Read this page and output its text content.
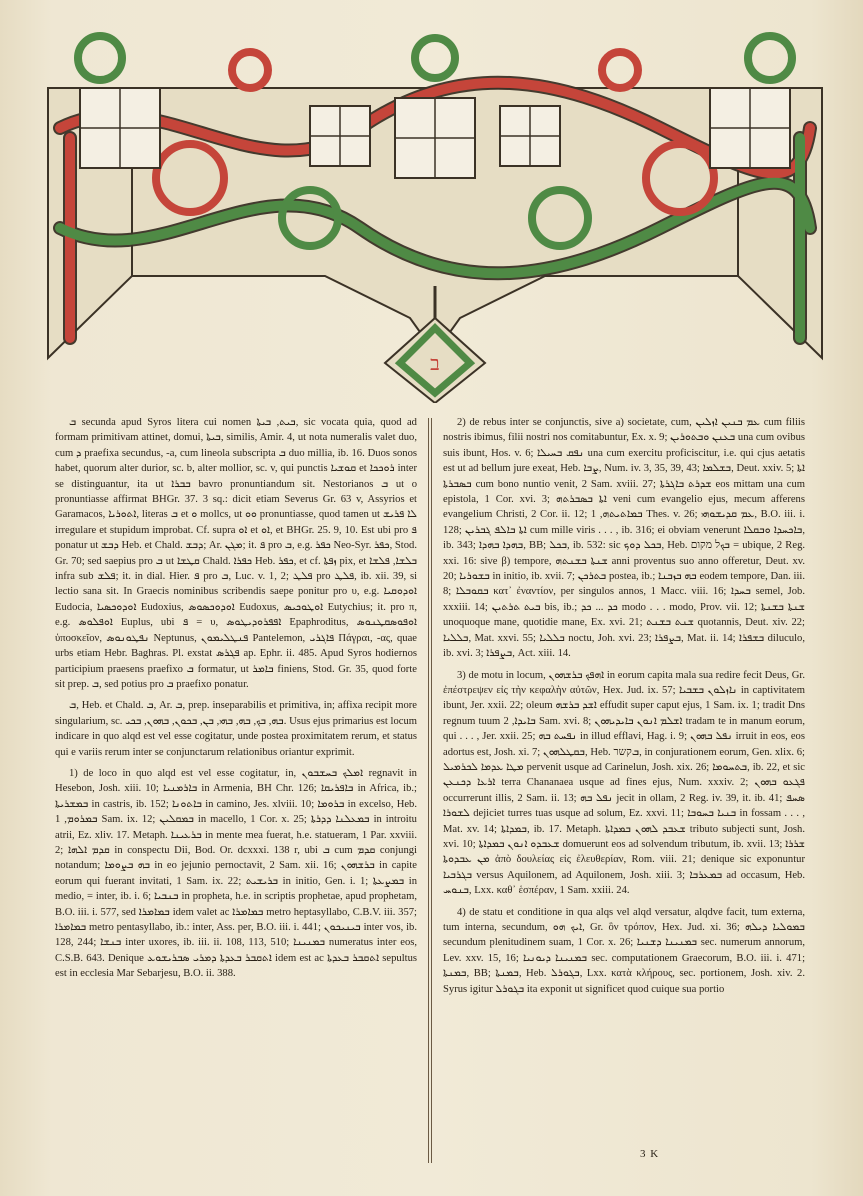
ב

ܒ secunda apud Syros litera cui nomen ܒܝܬ, ܒܝܬܐ, sic vocata quia, quod ad formam primitivam attinet, domui, ܒܝܬܐ, similis, Amir. 4, ut nota numeralis valet duo, cum ܕ praefixa secundus, -a, cum lineola subscripta ܒ duo millia, ib. 16. Duos sonos habet, quorum alter durior, sc. b, alter mollior, sc. v, qui punctis ܩܘܫܝܐ et ܪܘܟܟܐ inter se distinguantur, ita ut ܒܒܪܐ bavro pronuntiandum sit. Nestorianos ܒ ut o pronuntiasse affirmat BHGr. 37. 3 sq.: dicit etiam Severus Gr. 63 v, Assyrios et Garamacos, ܐܬܘܪܝܐ, literas ܒ et ܘ mollcs, ut ܘܘ pronuntiasse, quod tamen ut ܠܐ ܦܪܝܫ irregulare et stupidum improbat. Cf. supra ܐܘ et ܐܘ, et BHGr. 25. 9, 10. Est ubi pro ܦ ponatur ut ܕܒܫ Heb. et Chald. ܕܒܫ; Ar. ܡܓܢ; it. ܦ pro ܒ, e.g. ܟܦܪ Neo-Syr. ܟܦܪ, Stod. Gr. 70; sed saepius pro ܒ ut ܩܛܫܐ Chald. ܟܦܪܐ Heb. ܟܦܪ, et cf. ܙܦܬܐ pix, et ܒܠܫܐ, ܦܠܫܐ infra sub ܦܠܫ; it. in dial. Hier. ܦ pro ܒ, Luc. v. 1, 2; ܦܠܛ pro ܦܠܛ, ib. xii. 39, si lectio sana sit. In Graecis nominibus scribendis saepe ponitur pro υ, e.g. ܐܘܕܘܩܝܐ Eudocia, ܐܘܕܘܟܣܝܐ Eudoxius, ܐܘܕܘܟܣܘܣ Eudoxus, ܐܘܛܘܟܝܣ Eutychius; it. pro π, e.g. ܐܘܦܠܘܣ Euplus, ubi ܦ = υ, ܐܦܦܪܘܕܝܛܘܣ Epaphroditus, ܐܘܦܘܣܩܛܢܘܣ ὑποσκεῖον, ܢܦܛܘܢܘܣ Neptunus, ܦܢܛܠܝܡܘܢ Pantelemon, ܦܐܓܪܝ Πάγραι, -ας, quae urbs etiam Hebr. Baghras. Pl. exstat ܦܓܪܣ ap. Ephr. ii. 485. Apud Syros hodiernos participium praesens praefixo ܒ formatur, ut ܒܐܡܪ finiens, Stod. Gr. 35, quod forte sit prep. ܒ, sed potius pro ܒ praefixo ponatur.

ܒ, Heb. et Chald. ܒ, Ar. ܒ, prep. inseparabilis et primitiva, in; affixa recipit more singularium, sc. ܒܗ, ܒܟ, ܒܗ, ܒܗܝ, ܒܢ, ܒܟܘܢ, ܒܗܘܢ, ܒܟܝ. Usus ejus primarius est locum indicare in quo alqd est vel esse cogitatur, unde postea proximitatem rerum, et status qui e variis rerum inter se conjunctarum relationibus oriantur exprimit.

1) de loco in quo alqd est vel esse cogitatur, in, ܐܡܠܟ ܒܚܫܒܘܢ regnavit in Hesebon, Josh. xiii. 10; ܒܐܪܡܢܝܐ in Armenia, BH Chr. 126; ܒܐܦܪܝܩܐ in Africa, ib.; ܒܡܫܪܝܬܐ in castris, ib. 152; ܒܐܬܘܢܐ in camino, Jes. xlviii. 10; ܒܪܘܡܐ in excelso, Heb. ܒܡܪܘܡ, 1 Sam. ix. 12; ܒܡܩܠܝܢ in macello, 1 Cor. x. 25; ܒܡܥܠܢܐ ܕܕܪܬܐ in introitu atrii, Ez. xliv. 17. Metaph. ܒܪܥܝܢܐ in mente mea fuerat, h.e. statueram, 1 Par. xxviii. 2; ܩܕܡ ܐܠܗܐ in conspectu Dii, Bod. Or. dcxxxi. 138 r, ubi ܒ cum ܩܕܡ conjungi notandum; ܒܗ ܒܨܘܡܐ in eo jejunio pernoctavit, 2 Sam. xii. 16; ܒܪܫܗܘܢ in capite eorum qui fuerant invitati, 1 Sam. ix. 22; ܒܪܝܫܝܬ in initio, Gen. i. 1; ܒܡܨܥܬܐ in medio, = inter, ib. i. 6; ܒܢܒܝܐ in propheta, h.e. in scriptis prophetae, apud prophetam, B.O. iii. i. 577, sed ܒܡܐܡܪܐ idem valet ac ܒܡܐܡܪܐ metro heptasyllabo, C.B.V. iii. 357; ܒܡܐܡܪܐ metro pentasyllabo, ib.: inter, Ass. per, B.O. iii. i. 441; ܒܝܢܝܟܘܢ inter vos, ib. 128, 244; ܒܢܫܐ inter uxores, ib. iii. ii. 108, 113, 510; ܒܡܢܝܢܐ numeratus inter eos, C.S.B. 643. Denique ܐܬܩܒܪ ܒܥܕܬܐ ܕܡܪܝ ܣܒܪܝܫܘܥ idem est ac ܐܬܩܒܪ ܒܥܕܬܐ sepultus est in ecclesia Mar Sebarjesu, B.O. ii. 388.

2) de rebus inter se conjunctis, sive a) societate, cum, ܥܡ ܒܢܝܢ ܐܙܠܝܢ cum filiis nostris ibimus, filii nostri nos comitabuntur, Ex. x. 9; ܒܥܢܢ ܘܒܬܘܪܝܢ una cum ovibus suis ibunt, Hos. v. 6; ܢܦܩ ܒܚܝܠܐ una cum exercitu proficiscitur, i.e. qui cjus aetatis est ut ad bellum jure exeat, Heb. ܨܒܐ, Num. iv. 3, 35, 39, 43; ܒܫܠܡܐ, Deut. xxiv. 5; ܐܬܐ ܒܣܒܪܬܐ cum bono nuntio venit, 2 Sam. xviii. 27; ܫܕܪܬ ܒܐܓܪܬܐ eos mittam una cum epistola, 1 Cor. xvi. 3; ܐܬܐ ܒܣܒܪܬܗ veni cum evangelio ejus, mecum afferens evangelium Christi, 2 Cor. ii. 12; ܒܡܐܬܝܬܗ, 1 Thes. v. 26; ܥܡ ܩܕܝܫܘܗܝ, B.O. iii. i. 128; ܐܬܐ ܒܐܠܦ ܓܒܪܝܢ cum mille viris . . . , ib. 316; ei obviam venerunt ܒܐܟܚܕܐ ܘܒܩܠܐ, ib. 343; ܒܗܕܐ ܒܗܕܐ, BB; ܒܟܠ, ib. 532: sic ܒܟܠ ܕܘܟ, Heb. ܒܟל מקום = ubique, 2 Reg. xxi. 16: sive β) tempore, ܫܢܬܐ ܒܫܢܬܗ anni proventus suo anno offeretur, Deut. xv. 20; ܒܫܘܪܝܐ in initio, ib. xvii. 7; ܒܬܪܟܢ postea, ib.; ܒܗ ܒܙܒܢܐ eodem tempore, Dan. iii. 8; ܒܩܘܒܠܐ κατ᾽ ἐναντίον, per singulos annos, 1 Macc. viii. 16; ܒܚܕܐ semel, Job. xxxiii. 14; ܒܝܬ ܬܪܬܝܢ bis, ib.; ܟܕ ... ܟܕ modo . . . modo, Prov. vii. 12; ܫܢܬܐ ܒܫܢܬܐ unoquoque mane, quotidie mane, Ex. xvi. 21; ܫܢܬ ܒܫܢܬ quotannis, Deut. xiv. 22; ܒܠܠܝܐ, Mat. xxvi. 55; ܒܠܠܝܐ noctu, Joh. xvi. 23; ܒܨܦܪܐ, Mat. ii. 14; ܒܫܦܪܐ diluculo, ib. xvi. 3; ܒܨܦܪܐ, Act. xiii. 14.

3) de motu in locum, ܐܗܦܟ ܒܪܫܗܘܢ in eorum capita mala sua redire fecit Deus, Gr. ἐπέστρεψεν εἰς τὴν κεφαλὴν αὐτῶν, Hex. Jud. ix. 57; ܢܐܙܠܘܢ ܒܫܒܝܐ in captivitatem ibunt, Jer. xxii. 22; oleum ܐܫܕ ܒܪܫܗ effudit super caput ejus, 1 Sam. ix. 1; tradit Dns regnum tuum ܒܐܝܕܐ, 2 Sam. xvi. 8; ܐܫܠܡ ܐܢܘܢ ܒܐܝܕܝܗܘܢ tradam te in manum eorum, qui . . . , Jer. xxii. 25; ܢܦܚܬ ܒܗ in illud efflavi, Hag. i. 9; ܢܦܠ ܒܗܘܢ irruit in eos, eos adortus est, Josh. xi. 7; ܒܩܛܠܗܘܢ, Heb. ܒקשר, in conjurationem eorum, Gen. xlix. 6; ܡܛܐ ܥܕܡܐ ܠܟܪܡܝܠ pervenit usque ad Carinelun, Josh. xix. 26; ܒܬܚܘܡܐ, ib. 22, et sic ܐܪܥܐ ܕܟܢܥܢ terra Chananaea usque ad fines ejus, Num. xxxiv. 2; ܦܓܥܘ ܒܗܘܢ occurrerunt illis, 2 Sam. ii. 13; ܢܦܠ ܒܗ jecit in ollam, 2 Reg. iv. 39, it. ib. 41; ܣܚܦ ܠܫܘܪܐ dejiciet turres tuas usque ad solum, Ez. xxvi. 11; ܒܢܝܐ ܒܚܘܒܐ in fossam . . . , Mat. xv. 14; ܒܡܕܐܬܐ, ib. 17. Metaph. ܫܥܒܕ ܠܗܘܢ ܒܡܕܐܬܐ tributo subjecti sunt, Josh. xvi. 10; ܫܥܒܕܘ ܐܢܘܢ ܒܡܕܐܬܐ domuerunt eos ad solvendum tributum, ib. xvii. 13; ܫܪܪܐ ܡܢ ܥܒܕܘܬܐ ἀπὸ δουλείας εἰς ἐλευθερίαν, Rom. viii. 21; denique sic exponuntur ܒܓܪܒܝܐ versus Aquilonem, ad Aquilonem, Josh. xiii. 3; ܒܡܥܪܒܐ ad occasum, Heb. ܒܢܘܚ, Lxx. καθ᾽ ἑσπέραν, 1 Sam. xxiii. 24.

4) de statu et conditione in qua alqs vel alqd versatur, alqdve facit, tum externa, tum interna, secundum, ܐܝܟ ܗܘ, Gr. ὃν τρόπον, Hex. Jud. xi. 36; ܒܡܘܠܝܐ ܕܝܠܗ secundum plenitudinem suam, 1 Cor. x. 26; ܒܡܢܝܢܐ ܕܫܢܝܐ sec. numerum annorum, Lev. xxv. 15, 16; ܒܡܢܝܢܐ ܕܝܘܢܝܐ sec. computationem Graecorum, B.O. iii. i. 471; ܒܡܢܬܐ, BB; ܒܡܢܬܐ, Heb. ܒܓܘܪܠ, Lxx. κατὰ κλήρους, sec. portionem, Josh. xiv. 2. Syrus igitur ܒܓܘܪܠ ita exponit ut significet quod cuique sua portio

3 K
